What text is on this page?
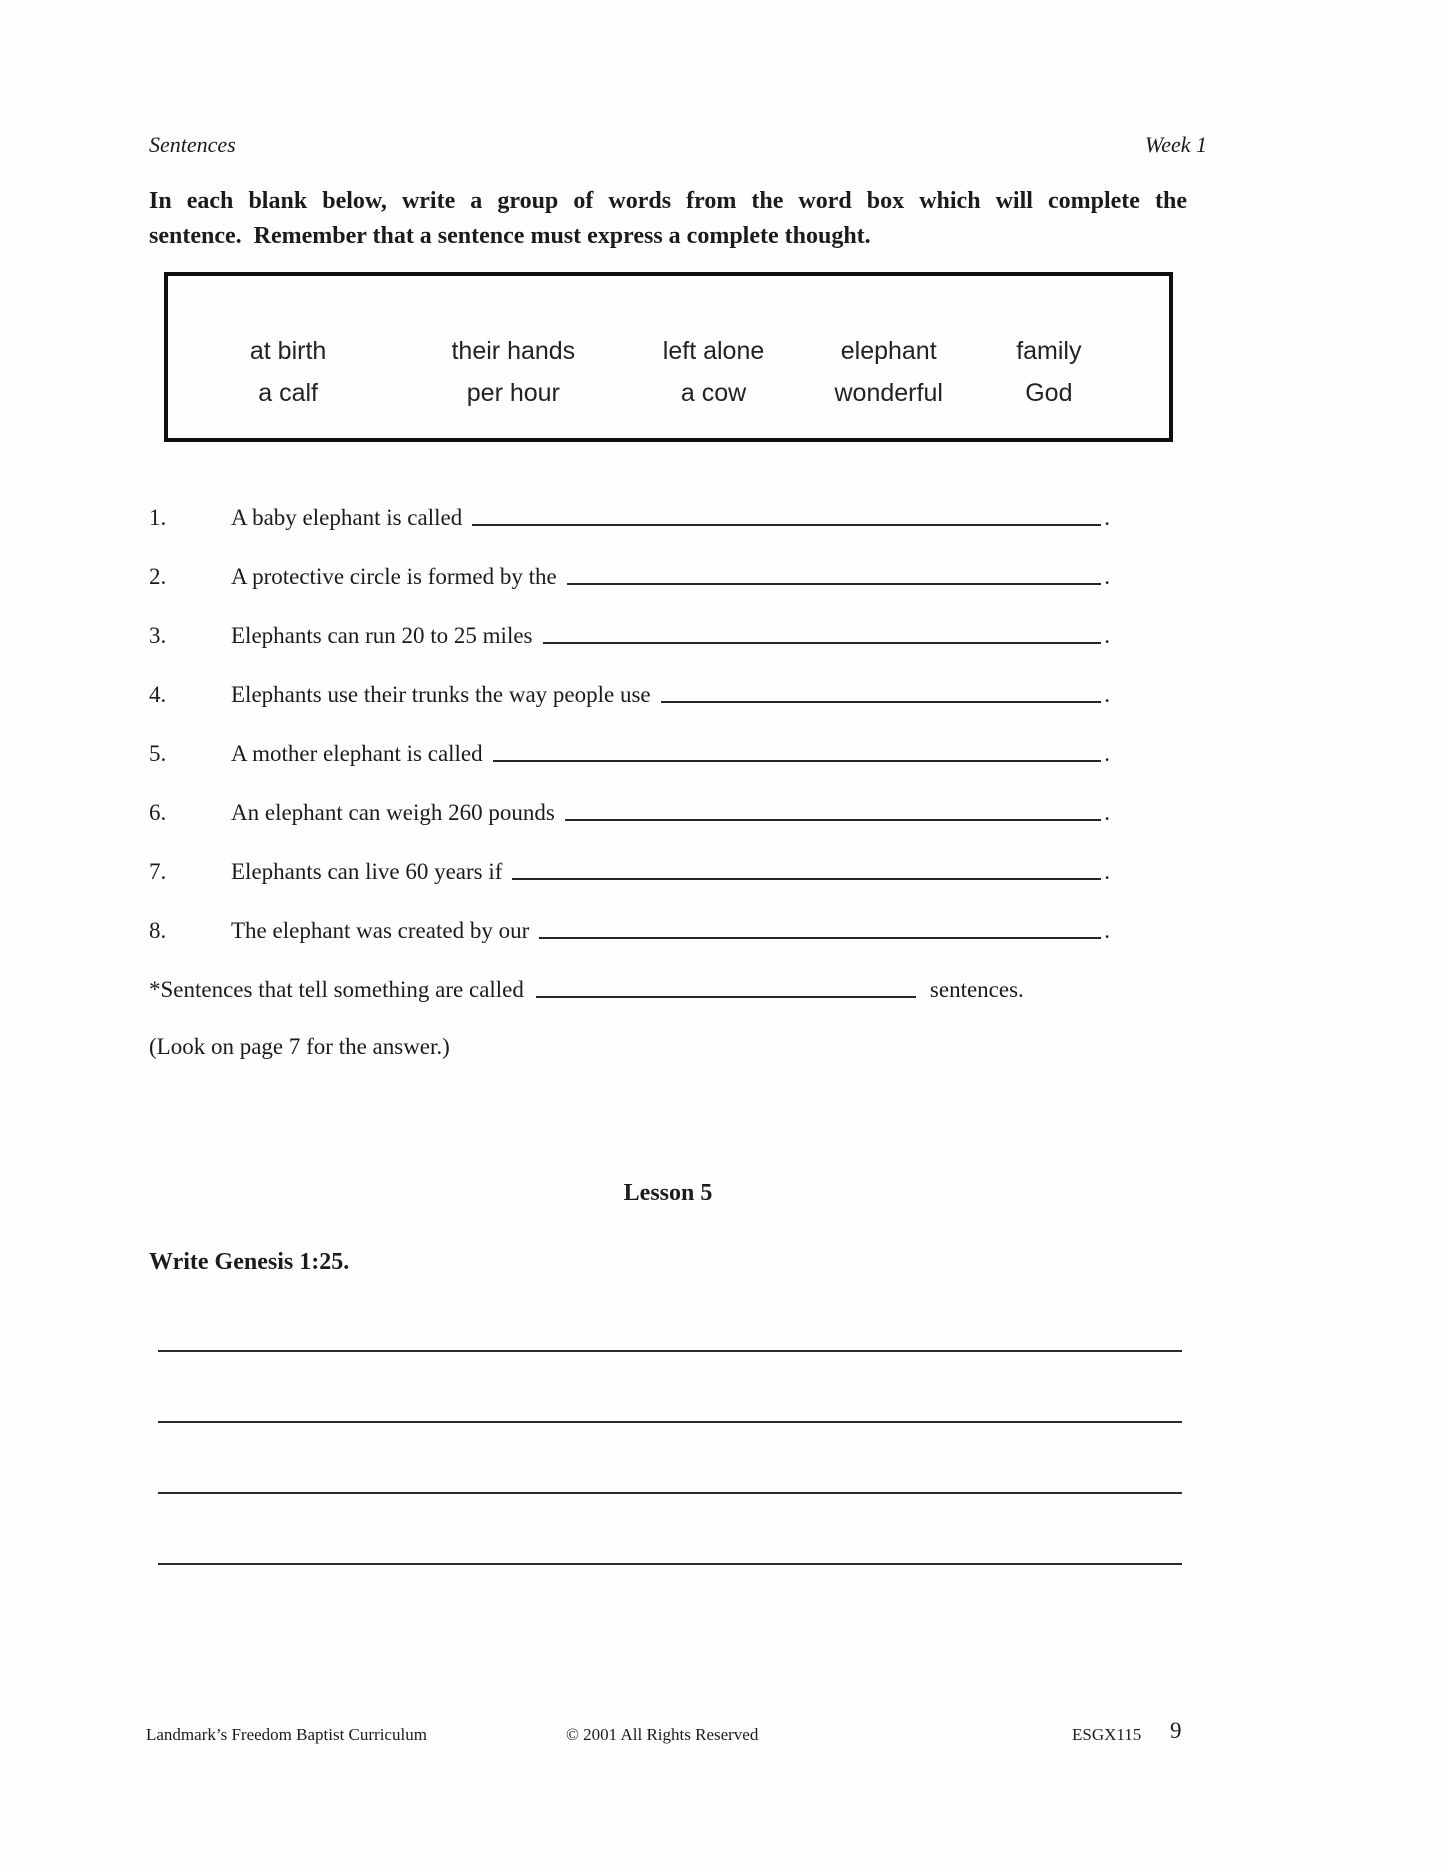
Sentences	Week 1
In each blank below, write a group of words from the word box which will complete the
sentence.  Remember that a sentence must express a complete thought.
at birth	their hands	left alone	elephant	family
a calf	per hour	a cow	wonderful	God
1.	A baby elephant is called	.
2.	A protective circle is formed by the	.
3.	Elephants can run 20 to 25 miles	.
4.	Elephants use their trunks the way people use	.
5.	A mother elephant is called	.
6.	An elephant can weigh 260 pounds	.
7.	Elephants can live 60 years if	.
8.	The elephant was created by our	.
*Sentences that tell something are called	sentences.
(Look on page 7 for the answer.)
Lesson 5
Write Genesis 1:25.
Landmark’s Freedom Baptist Curriculum	© 2001 All Rights Reserved	ESGX115 9
